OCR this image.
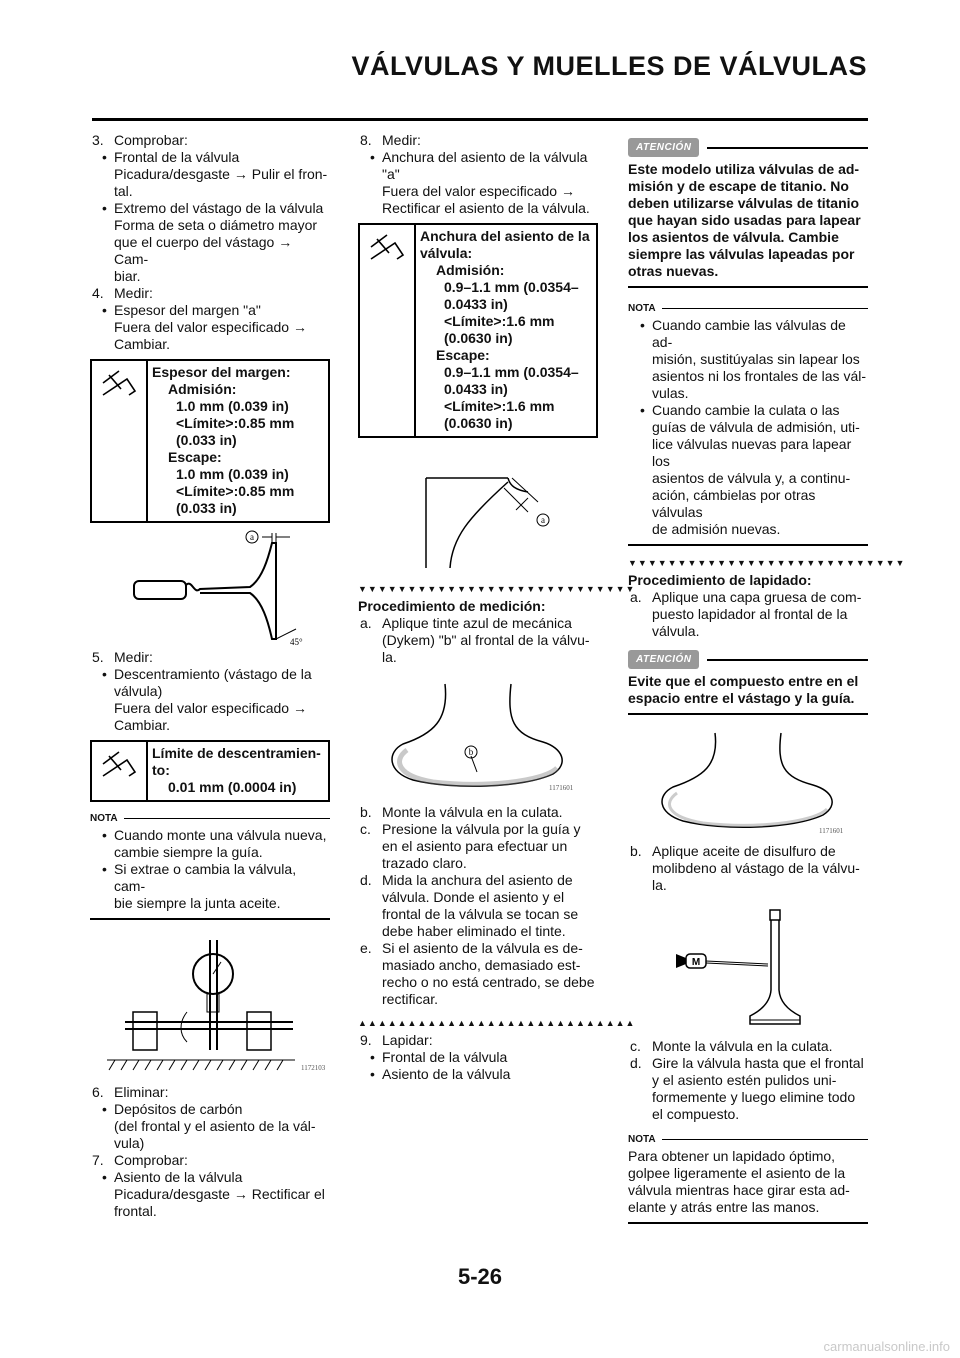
VÁLVULAS Y MUELLES DE VÁLVULAS
3. Comprobar:
• Frontal de la válvula
Picadura/desgaste → Pulir el fron-
tal.
• Extremo del vástago de la válvula
Forma de seta o diámetro mayor
que el cuerpo del vástago → Cam-
biar.
4. Medir:
• Espesor del margen "a"
Fuera del valor especificado →
Cambiar.
Espesor del margen:
Admisión:
1.0 mm (0.039 in)
<Límite>:0.85 mm
(0.033 in)
Escape:
1.0 mm (0.039 in)
<Límite>:0.85 mm
(0.033 in)
a
45°
5. Medir:
• Descentramiento (vástago de la
válvula)
Fuera del valor especificado →
Cambiar.
Límite de descentramien-
to:
0.01 mm (0.0004 in)
NOTA
• Cuando monte una válvula nueva,
cambie siempre la guía.
• Si extrae o cambia la válvula, cam-
bie siempre la junta aceite.
1172103
6. Eliminar:
• Depósitos de carbón
(del frontal y el asiento de la vál-
vula)
7. Comprobar:
• Asiento de la válvula
Picadura/desgaste → Rectificar el
frontal.
8. Medir:
• Anchura del asiento de la válvula
"a"
Fuera del valor especificado →
Rectificar el asiento de la válvula.
Anchura del asiento de la
válvula:
Admisión:
0.9–1.1 mm (0.0354–
0.0433 in)
<Límite>:1.6 mm
(0.0630 in)
Escape:
0.9–1.1 mm (0.0354–
0.0433 in)
<Límite>:1.6 mm
(0.0630 in)
a
▼▼▼▼▼▼▼▼▼▼▼▼▼▼▼▼▼▼▼▼▼▼▼▼▼▼▼▼
Procedimiento de medición:
a. Aplique tinte azul de mecánica
(Dykem) "b" al frontal de la válvu-
la.
b
1171601
b. Monte la válvula en la culata.
c. Presione la válvula por la guía y
en el asiento para efectuar un
trazado claro.
d. Mida la anchura del asiento de
válvula. Donde el asiento y el
frontal de la válvula se tocan se
debe haber eliminado el tinte.
e. Si el asiento de la válvula es de-
masiado ancho, demasiado est-
recho o no está centrado, se debe
rectificar.
▲▲▲▲▲▲▲▲▲▲▲▲▲▲▲▲▲▲▲▲▲▲▲▲▲▲▲▲
9. Lapidar:
• Frontal de la válvula
• Asiento de la válvula
ATENCIÓN
Este modelo utiliza válvulas de ad-
misión y de escape de titanio. No
deben utilizarse válvulas de titanio
que hayan sido usadas para lapear
los asientos de válvula. Cambie
siempre las válvulas lapeadas por
otras nuevas.
NOTA
• Cuando cambie las válvulas de ad-
misión, sustitúyalas sin lapear los
asientos ni los frontales de las vál-
vulas.
• Cuando cambie la culata o las
guías de válvula de admisión, uti-
lice válvulas nuevas para lapear los
asientos de válvula y, a continu-
ación, cámbielas por otras válvulas
de admisión nuevas.
▼▼▼▼▼▼▼▼▼▼▼▼▼▼▼▼▼▼▼▼▼▼▼▼▼▼▼▼
Procedimiento de lapidado:
a. Aplique una capa gruesa de com-
puesto lapidador al frontal de la
válvula.
ATENCIÓN
Evite que el compuesto entre en el
espacio entre el vástago y la guía.
1171601
b. Aplique aceite de disulfuro de
molibdeno al vástago de la válvu-
la.
M
c. Monte la válvula en la culata.
d. Gire la válvula hasta que el frontal
y el asiento estén pulidos uni-
formemente y luego elimine todo
el compuesto.
NOTA
Para obtener un lapidado óptimo,
golpee ligeramente el asiento de la
válvula mientras hace girar esta ad-
elante y atrás entre las manos.
5-26
carmanualsonline.info
